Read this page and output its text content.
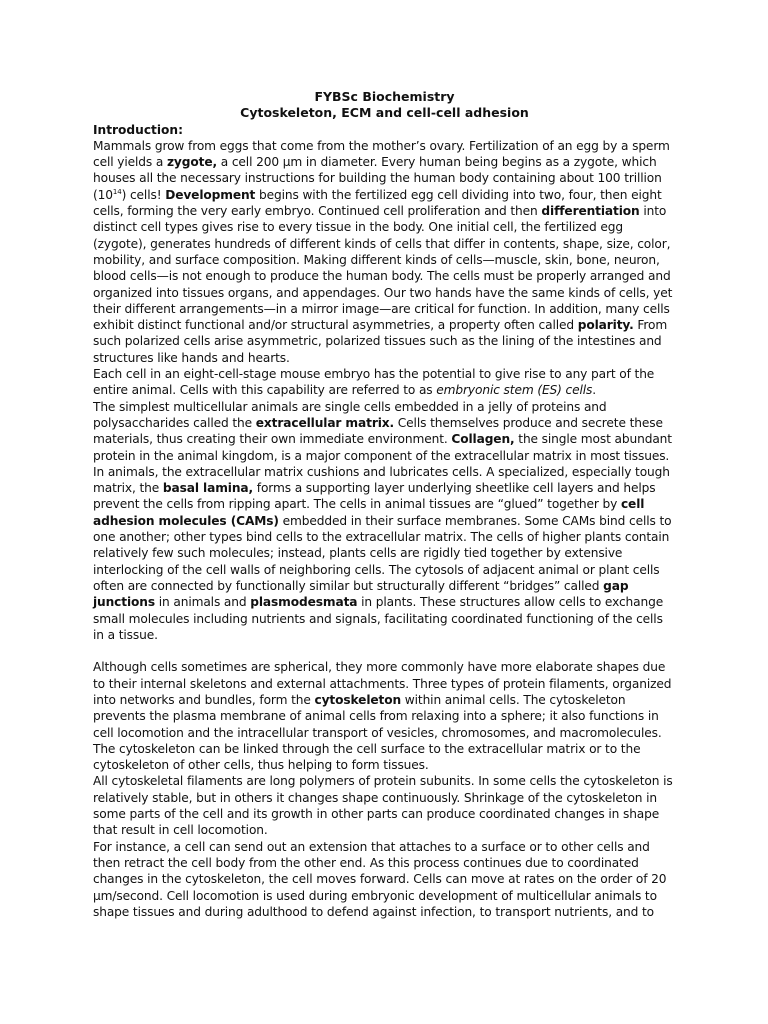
FYBSc Biochemistry

Cytoskeleton, ECM and cell-cell adhesion

Introduction:

Mammals grow from eggs that come from the mother’s ovary. Fertilization of an egg by a sperm cell yields a zygote, a cell 200 μm in diameter. Every human being begins as a zygote, which houses all the necessary instructions for building the human body containing about 100 trillion $(10^{14})$ cells! Development begins with the fertilized egg cell dividing into two, four, then eight cells, forming the very early embryo. Continued cell proliferation and then differentiation into distinct cell types gives rise to every tissue in the body. One initial cell, the fertilized egg (zygote), generates hundreds of different kinds of cells that differ in contents, shape, size, color, mobility, and surface composition. Making different kinds of cells—muscle, skin, bone, neuron, blood cells—is not enough to produce the human body. The cells must be properly arranged and organized into tissues organs, and appendages. Our two hands have the same kinds of cells, yet their different arrangements—in a mirror image—are critical for function. In addition, many cells exhibit distinct functional and/or structural asymmetries, a property often called polarity. From such polarized cells arise asymmetric, polarized tissues such as the lining of the intestines and structures like hands and hearts.

Each cell in an eight-cell-stage mouse embryo has the potential to give rise to any part of the entire animal. Cells with this capability are referred to as embryonic stem (ES) cells.

The simplest multicellular animals are single cells embedded in a jelly of proteins and polysaccharides called the extracellular matrix. Cells themselves produce and secrete these materials, thus creating their own immediate environment. Collagen, the single most abundant protein in the animal kingdom, is a major component of the extracellular matrix in most tissues. In animals, the extracellular matrix cushions and lubricates cells. A specialized, especially tough matrix, the basal lamina, forms a supporting layer underlying sheetlike cell layers and helps prevent the cells from ripping apart. The cells in animal tissues are “glued” together by cell adhesion molecules (CAMs) embedded in their surface membranes. Some CAMs bind cells to one another; other types bind cells to the extracellular matrix. The cells of higher plants contain relatively few such molecules; instead, plants cells are rigidly tied together by extensive interlocking of the cell walls of neighboring cells. The cytosols of adjacent animal or plant cells often are connected by functionally similar but structurally different “bridges” called gap junctions in animals and plasmodesmata in plants. These structures allow cells to exchange small molecules including nutrients and signals, facilitating coordinated functioning of the cells in a tissue.

Although cells sometimes are spherical, they more commonly have more elaborate shapes due to their internal skeletons and external attachments. Three types of protein filaments, organized into networks and bundles, form the cytoskeleton within animal cells. The cytoskeleton prevents the plasma membrane of animal cells from relaxing into a sphere; it also functions in cell locomotion and the intracellular transport of vesicles, chromosomes, and macromolecules. The cytoskeleton can be linked through the cell surface to the extracellular matrix or to the cytoskeleton of other cells, thus helping to form tissues.

All cytoskeletal filaments are long polymers of protein subunits. In some cells the cytoskeleton is relatively stable, but in others it changes shape continuously. Shrinkage of the cytoskeleton in some parts of the cell and its growth in other parts can produce coordinated changes in shape that result in cell locomotion.

For instance, a cell can send out an extension that attaches to a surface or to other cells and then retract the cell body from the other end. As this process continues due to coordinated changes in the cytoskeleton, the cell moves forward. Cells can move at rates on the order of 20 μm/second. Cell locomotion is used during embryonic development of multicellular animals to shape tissues and during adulthood to defend against infection, to transport nutrients, and to
